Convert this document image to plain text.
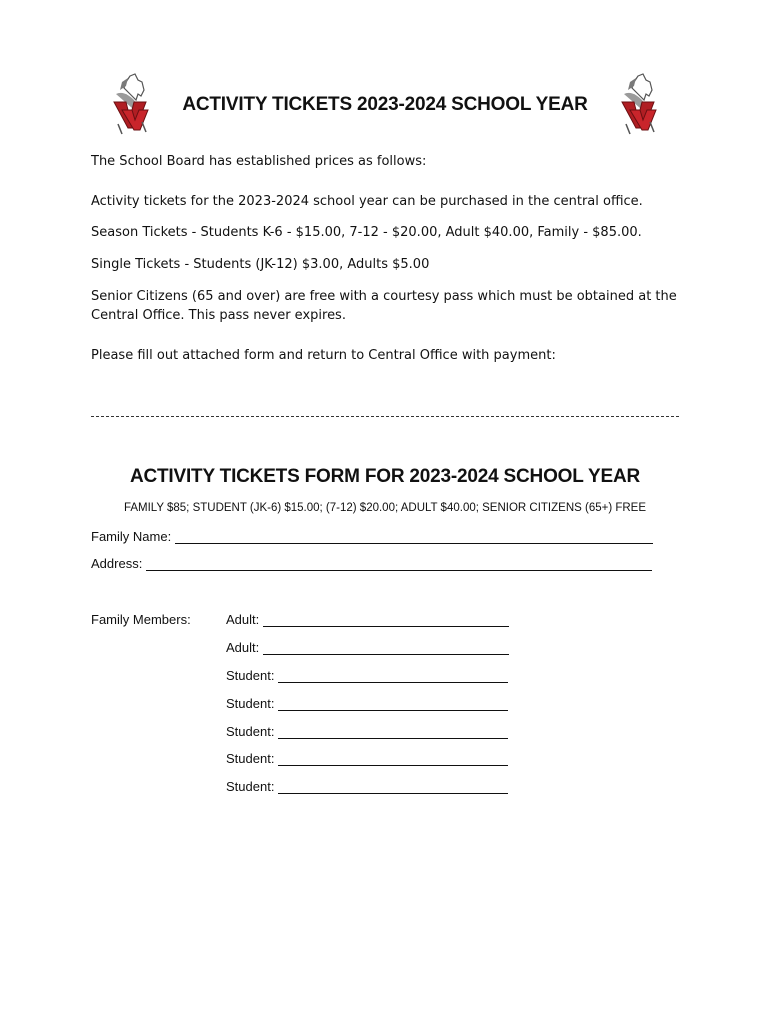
ACTIVITY TICKETS 2023-2024 SCHOOL YEAR
The School Board has established prices as follows:
Activity tickets for the 2023-2024 school year can be purchased in the central office.
Season Tickets - Students K-6 - $15.00, 7-12 - $20.00, Adult $40.00, Family - $85.00.
Single Tickets - Students (JK-12) $3.00, Adults $5.00
Senior Citizens (65 and over) are free with a courtesy pass which must be obtained at the Central Office. This pass never expires.
Please fill out attached form and return to Central Office with payment:
ACTIVITY TICKETS FORM FOR 2023-2024 SCHOOL YEAR
FAMILY $85; STUDENT (JK-6) $15.00; (7-12) $20.00; ADULT $40.00; SENIOR CITIZENS (65+) FREE
Family Name:
Address:
Family Members:	Adult:
Adult:
Student:
Student:
Student:
Student:
Student:
